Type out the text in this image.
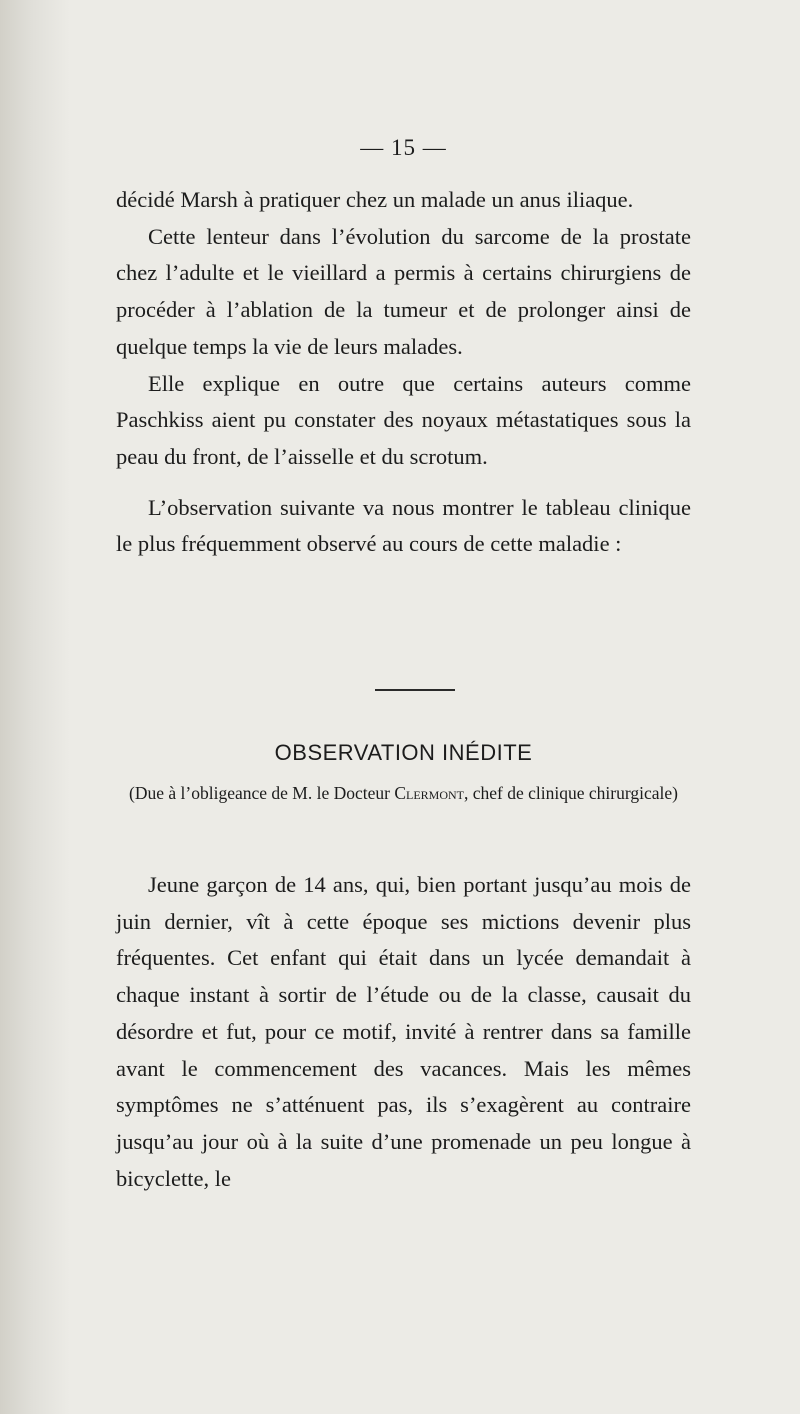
— 15 —

décidé Marsh à pratiquer chez un malade un anus iliaque.

Cette lenteur dans l’évolution du sarcome de la prostate chez l’adulte et le vieillard a permis à certains chirurgiens de procéder à l’ablation de la tumeur et de prolonger ainsi de quelque temps la vie de leurs malades.

Elle explique en outre que certains auteurs comme Paschkiss aient pu constater des noyaux métastatiques sous la peau du front, de l’aisselle et du scrotum.

L’observation suivante va nous montrer le tableau clinique le plus fréquemment observé au cours de cette maladie :

OBSERVATION INÉDITE
(Due à l’obligeance de M. le Docteur Clermont, chef de clinique chirurgicale)

Jeune garçon de 14 ans, qui, bien portant jusqu’au mois de juin dernier, vît à cette époque ses mictions devenir plus fréquentes. Cet enfant qui était dans un lycée demandait à chaque instant à sortir de l’étude ou de la classe, causait du désordre et fut, pour ce motif, invité à rentrer dans sa famille avant le commencement des vacances. Mais les mêmes symptômes ne s’atténuent pas, ils s’exagèrent au contraire jusqu’au jour où à la suite d’une promenade un peu longue à bicyclette, le
